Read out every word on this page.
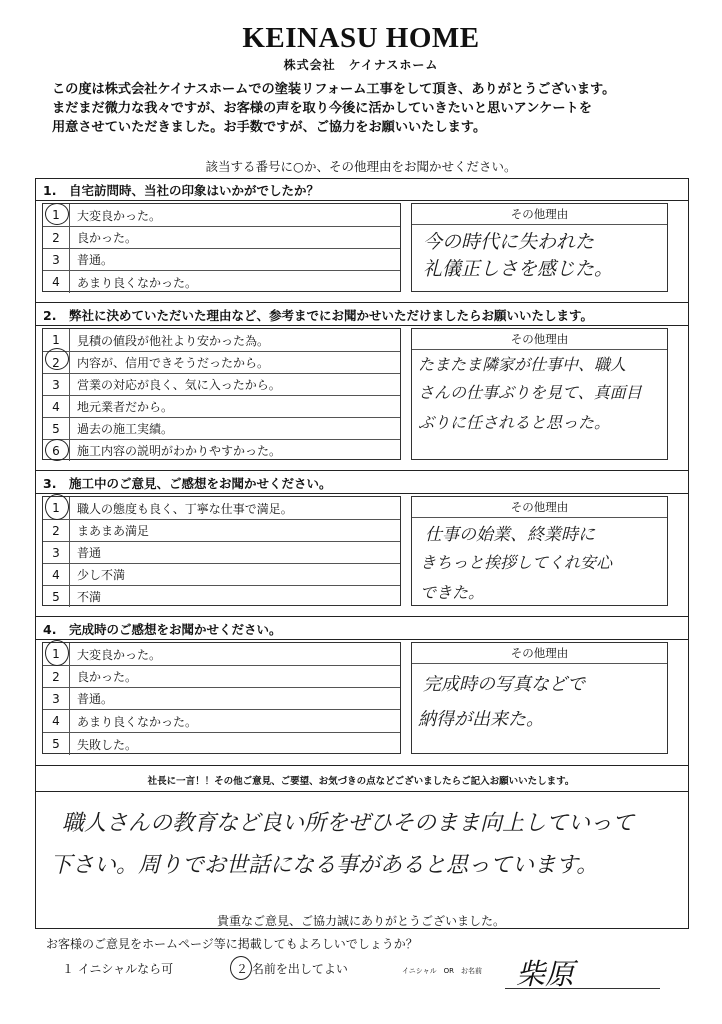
KEINASU HOME
株式会社　ケイナスホーム
この度は株式会社ケイナスホームでの塗装リフォーム工事をして頂き、ありがとうございます。
まだまだ微力な我々ですが、お客様の声を取り今後に活かしていきたいと思いアンケートを
用意させていただきました。お手数ですが、ご協力をお願いいたします。
該当する番号に○か、その他理由をお聞かせください。
1.　自宅訪問時、当社の印象はいかがでしたか？
1	大変良かった。
2	良かった。
3	普通。
4	あまり良くなかった。
その他理由
今の時代に失われた
礼儀正しさを感じた。
2.　弊社に決めていただいた理由など、参考までにお聞かせいただけましたらお願いいたします。
1	見積の値段が他社より安かった為。
2	内容が、信用できそうだったから。
3	営業の対応が良く、気に入ったから。
4	地元業者だから。
5	過去の施工実績。
6	施工内容の説明がわかりやすかった。
その他理由
たまたま隣家が仕事中、職人
さんの仕事ぶりを見て、真面目
ぶりに任されると思った。
3.　施工中のご意見、ご感想をお聞かせください。
1	職人の態度も良く、丁寧な仕事で満足。
2	まあまあ満足
3	普通
4	少し不満
5	不満
その他理由
仕事の始業、終業時に
きちっと挨拶してくれ安心
できた。
4.　完成時のご感想をお聞かせください。
1	大変良かった。
2	良かった。
3	普通。
4	あまり良くなかった。
5	失敗した。
その他理由
完成時の写真などで
納得が出来た。
社長に一言！！その他ご意見、ご要望、お気づきの点などございましたらご記入お願いいたします。
職人さんの教育など良い所をぜひそのまま向上していって
下さい。周りでお世話になる事があると思っています。
貴重なご意見、ご協力誠にありがとうございました。
お客様のご意見をホームページ等に掲載してもよろしいでしょうか？
１ イニシャルなら可	２ 名前を出してよい	イニシャル　OR　お名前 柴原
